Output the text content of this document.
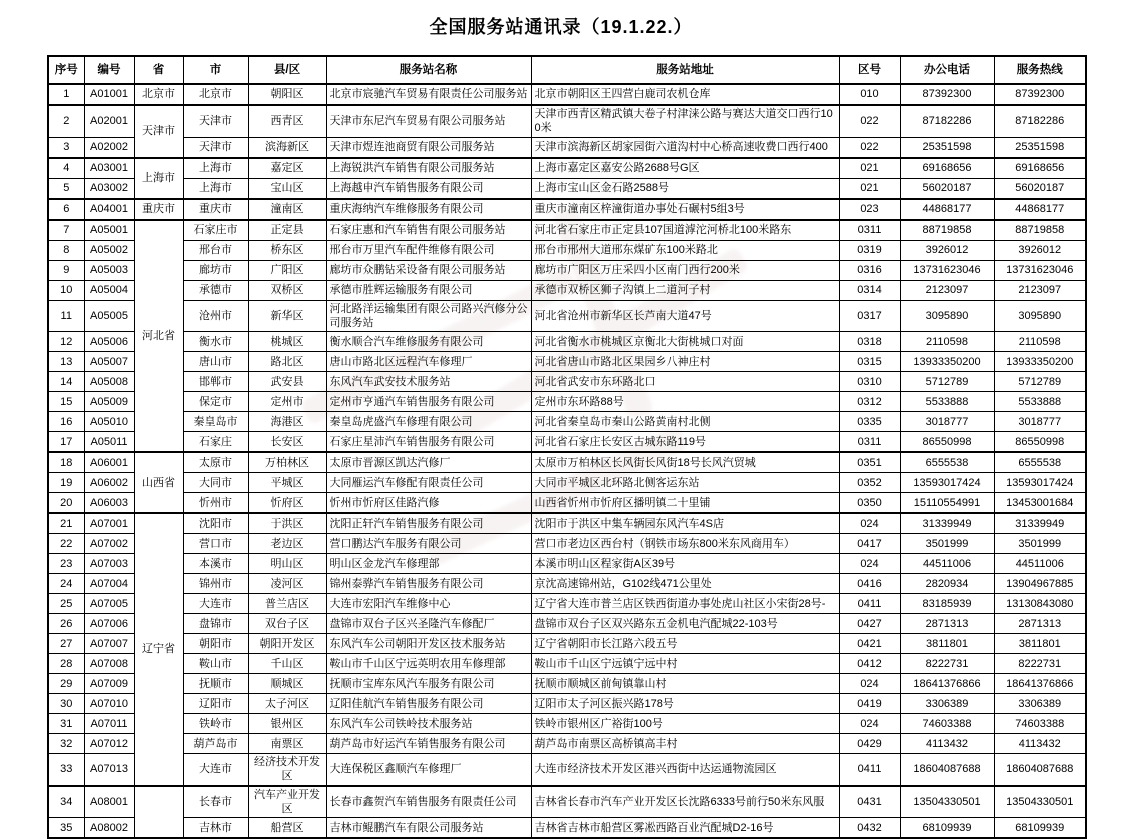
全国服务站通讯录（19.1.22.）
序号	编号	省	市	县/区	服务站名称	服务站地址	区号	办公电话	服务热线
1	A01001	北京市	北京市	朝阳区	北京市宸驰汽车贸易有限责任公司服务站	北京市朝阳区王四营白鹿司农机仓库	010	87392300	87392300
2	A02001	天津市	天津市	西青区	天津市东尼汽车贸易有限公司服务站	天津市西青区精武镇大卷子村津涞公路与赛达大道交口西行100米	022	87182286	87182286
3	A02002		天津市	滨海新区	天津市煜连池商贸有限公司服务站	天津市滨海新区胡家园街六道沟村中心桥高速收费口西行400	022	25351598	25351598
4	A03001	上海市	上海市	嘉定区	上海锐洪汽车销售有限公司服务站	上海市嘉定区嘉安公路2688号G区	021	69168656	69168656
5	A03002		上海市	宝山区	上海越申汽车销售服务有限公司	上海市宝山区金石路2588号	021	56020187	56020187
6	A04001	重庆市	重庆市	潼南区	重庆海纳汽车维修服务有限公司	重庆市潼南区梓潼街道办事处石碾村5组3号	023	44868177	44868177
7	A05001	河北省	石家庄市	正定县	石家庄惠和汽车销售有限公司服务站	河北省石家庄市正定县107国道滹沱河桥北100米路东	0311	88719858	88719858
8	A05002		邢台市	桥东区	邢台市万里汽车配件维修有限公司	邢台市邢州大道邢东煤矿东100米路北	0319	3926012	3926012
9	A05003		廊坊市	广阳区	廊坊市众鹏钻采设备有限公司服务站	廊坊市广阳区万庄采四小区南门西行200米	0316	13731623046	13731623046
10	A05004		承德市	双桥区	承德市胜辉运输服务有限公司	承德市双桥区狮子沟镇上二道河子村	0314	2123097	2123097
11	A05005		沧州市	新华区	河北路洋运输集团有限公司路兴汽修分公司服务站	河北省沧州市新华区长芦南大道47号	0317	3095890	3095890
12	A05006		衡水市	桃城区	衡水顺合汽车维修服务有限公司	河北省衡水市桃城区京衡北大街桃城口对面	0318	2110598	2110598
13	A05007		唐山市	路北区	唐山市路北区远程汽车修理厂	河北省唐山市路北区果园乡八神庄村	0315	13933350200	13933350200
14	A05008		邯郸市	武安县	东风汽车武安技术服务站	河北省武安市东环路北口	0310	5712789	5712789
15	A05009		保定市	定州市	定州市亨通汽车销售服务有限公司	定州市东环路88号	0312	5533888	5533888
16	A05010		秦皇岛市	海港区	秦皇岛虎盛汽车修理有限公司	河北省秦皇岛市秦山公路黄南村北侧	0335	3018777	3018777
17	A05011		石家庄	长安区	石家庄星沛汽车销售服务有限公司	河北省石家庄长安区古城东路119号	0311	86550998	86550998
18	A06001	山西省	太原市	万柏林区	太原市晋源区凯达汽修厂	太原市万柏林区长风街长风街18号长风汽贸城	0351	6555538	6555538
19	A06002		大同市	平城区	大同雁运汽车修配有限责任公司	大同市平城区北环路北侧客运东站	0352	13593017424	13593017424
20	A06003		忻州市	忻府区	忻州市忻府区佳路汽修	山西省忻州市忻府区播明镇二十里铺	0350	15110554991	13453001684
21	A07001	辽宁省	沈阳市	于洪区	沈阳正轩汽车销售服务有限公司	沈阳市于洪区中集车辆园东风汽车4S店	024	31339949	31339949
22	A07002		营口市	老边区	营口鹏达汽车服务有限公司	营口市老边区西台村（钢铁市场东800米东风商用车）	0417	3501999	3501999
23	A07003		本溪市	明山区	明山区金龙汽车修理部	本溪市明山区程家街A区39号	024	44511006	44511006
24	A07004		锦州市	凌河区	锦州泰骅汽车销售服务有限公司	京沈高速锦州站，G102线471公里处	0416	2820934	13904967885
25	A07005		大连市	普兰店区	大连市宏阳汽车维修中心	辽宁省大连市普兰店区铁西街道办事处虎山社区小宋街28号-	0411	83185939	13130843080
26	A07006		盘锦市	双台子区	盘锦市双台子区兴圣隆汽车修配厂	盘锦市双台子区双兴路东五金机电汽配城22-103号	0427	2871313	2871313
27	A07007		朝阳市	朝阳开发区	东风汽车公司朝阳开发区技术服务站	辽宁省朝阳市长江路六段五号	0421	3811801	3811801
28	A07008		鞍山市	千山区	鞍山市千山区宁远英明农用车修理部	鞍山市千山区宁远镇宁远中村	0412	8222731	8222731
29	A07009		抚顺市	顺城区	抚顺市宝库东风汽车服务有限公司	抚顺市顺城区前甸镇靠山村	024	18641376866	18641376866
30	A07010		辽阳市	太子河区	辽阳佳航汽车销售服务有限公司	辽阳市太子河区振兴路178号	0419	3306389	3306389
31	A07011		铁岭市	银州区	东风汽车公司铁岭技术服务站	铁岭市银州区广裕街100号	024	74603388	74603388
32	A07012		葫芦岛市	南票区	葫芦岛市好运汽车销售服务有限公司	葫芦岛市南票区高桥镇高丰村	0429	4113432	4113432
33	A07013		大连市	经济技术开发区	大连保税区鑫顺汽车修理厂	大连市经济技术开发区港兴西街中达运通物流园区	0411	18604087688	18604087688
34	A08001		长春市	汽车产业开发区	长春市鑫贺汽车销售服务有限责任公司	吉林省长春市汽车产业开发区长沈路6333号前行50米东风服	0431	13504330501	13504330501
35	A08002		吉林市	船营区	吉林市鲲鹏汽车有限公司服务站	吉林省吉林市船营区雾凇西路百业汽配城D2-16号	0432	68109939	68109939
